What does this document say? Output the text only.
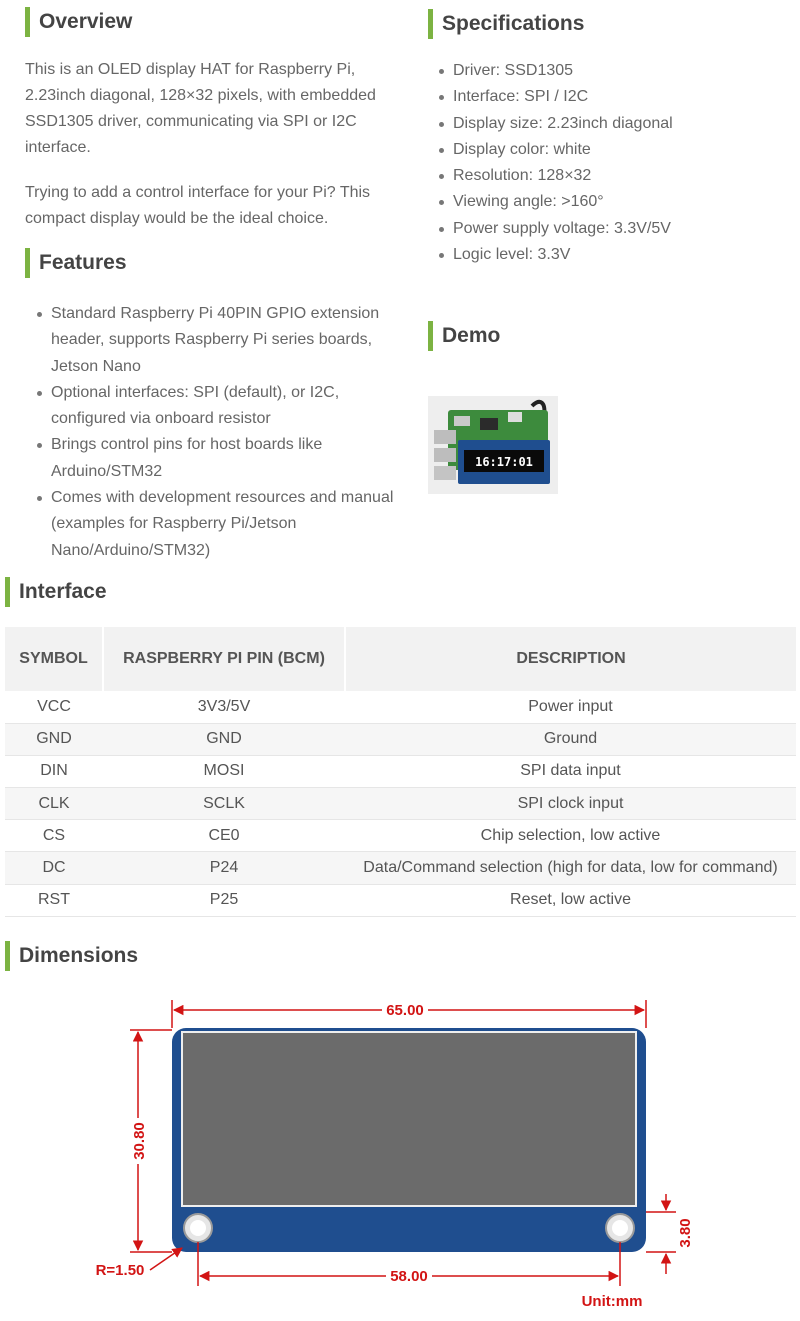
Overview
This is an OLED display HAT for Raspberry Pi,
2.23inch diagonal, 128×32 pixels, with embedded
SSD1305 driver, communicating via SPI or I2C
interface.
Trying to add a control interface for your Pi? This
compact display would be the ideal choice.
Specifications
Driver: SSD1305
Interface: SPI / I2C
Display size: 2.23inch diagonal
Display color: white
Resolution: 128×32
Viewing angle: >160°
Power supply voltage: 3.3V/5V
Logic level: 3.3V
Features
Standard Raspberry Pi 40PIN GPIO extension
header, supports Raspberry Pi series boards,
Jetson Nano
Optional interfaces: SPI (default), or I2C,
configured via onboard resistor
Brings control pins for host boards like
Arduino/STM32
Comes with development resources and manual
(examples for Raspberry Pi/Jetson
Nano/Arduino/STM32)
Demo
16:17:01
Interface
SYMBOL	RASPBERRY PI PIN (BCM)	DESCRIPTION
VCC	3V3/5V	Power input
GND	GND	Ground
DIN	MOSI	SPI data input
CLK	SCLK	SPI clock input
CS	CE0	Chip selection, low active
DC	P24	Data/Command selection (high for data, low for command)
RST	P25	Reset, low active
Dimensions
65.00
30.80
58.00
3.80
R=1.50
Unit:mm
